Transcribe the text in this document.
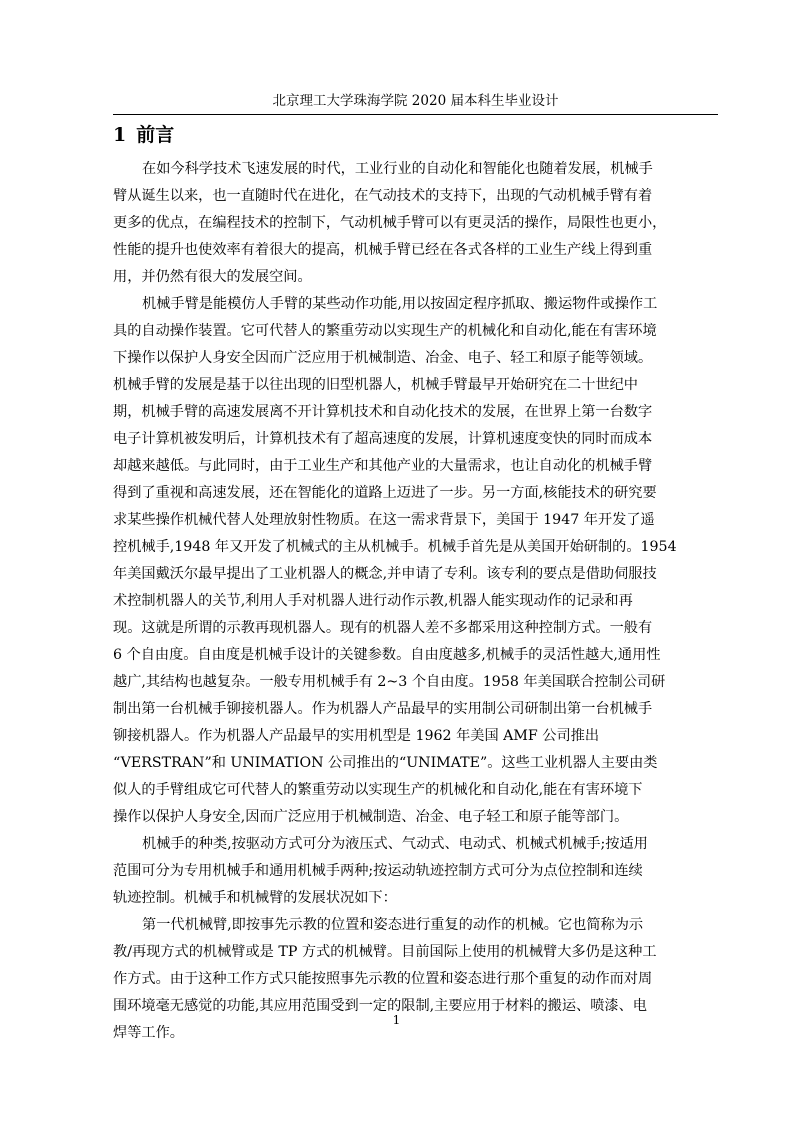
北京理工大学珠海学院 2020 届本科生毕业设计
1 前言
在如今科学技术飞速发展的时代，工业行业的自动化和智能化也随着发展，机械手
臂从诞生以来，也一直随时代在进化，在气动技术的支持下，出现的气动机械手臂有着
更多的优点，在编程技术的控制下，气动机械手臂可以有更灵活的操作，局限性也更小，
性能的提升也使效率有着很大的提高，机械手臂已经在各式各样的工业生产线上得到重
用，并仍然有很大的发展空间。
机械手臂是能模仿人手臂的某些动作功能,用以按固定程序抓取、搬运物件或操作工
具的自动操作装置。它可代替人的繁重劳动以实现生产的机械化和自动化,能在有害环境
下操作以保护人身安全因而广泛应用于机械制造、冶金、电子、轻工和原子能等领域。
机械手臂的发展是基于以往出现的旧型机器人，机械手臂最早开始研究在二十世纪中
期，机械手臂的高速发展离不开计算机技术和自动化技术的发展，在世界上第一台数字
电子计算机被发明后，计算机技术有了超高速度的发展，计算机速度变快的同时而成本
却越来越低。与此同时，由于工业生产和其他产业的大量需求，也让自动化的机械手臂
得到了重视和高速发展，还在智能化的道路上迈进了一步。另一方面,核能技术的研究要
求某些操作机械代替人处理放射性物质。在这一需求背景下，美国于 1947 年开发了遥
控机械手,1948 年又开发了机械式的主从机械手。机械手首先是从美国开始研制的。1954
年美国戴沃尔最早提出了工业机器人的概念,并申请了专利。该专利的要点是借助伺服技
术控制机器人的关节,利用人手对机器人进行动作示教,机器人能实现动作的记录和再
现。这就是所谓的示教再现机器人。现有的机器人差不多都采用这种控制方式。一般有
6 个自由度。自由度是机械手设计的关键参数。自由度越多,机械手的灵活性越大,通用性
越广,其结构也越复杂。一般专用机械手有 2~3 个自由度。1958 年美国联合控制公司研
制出第一台机械手铆接机器人。作为机器人产品最早的实用制公司研制出第一台机械手
铆接机器人。作为机器人产品最早的实用机型是 1962 年美国 AMF 公司推出
“VERSTRAN”和 UNIMATION 公司推出的“UNIMATE”。这些工业机器人主要由类
似人的手臂组成它可代替人的繁重劳动以实现生产的机械化和自动化,能在有害环境下
操作以保护人身安全,因而广泛应用于机械制造、冶金、电子轻工和原子能等部门。
机械手的种类,按驱动方式可分为液压式、气动式、电动式、机械式机械手;按适用
范围可分为专用机械手和通用机械手两种;按运动轨迹控制方式可分为点位控制和连续
轨迹控制。机械手和机械臂的发展状况如下：
第一代机械臂,即按事先示教的位置和姿态进行重复的动作的机械。它也简称为示
教/再现方式的机械臂或是 TP 方式的机械臂。目前国际上使用的机械臂大多仍是这种工
作方式。由于这种工作方式只能按照事先示教的位置和姿态进行那个重复的动作而对周
围环境毫无感觉的功能,其应用范围受到一定的限制,主要应用于材料的搬运、喷漆、电
焊等工作。
1
